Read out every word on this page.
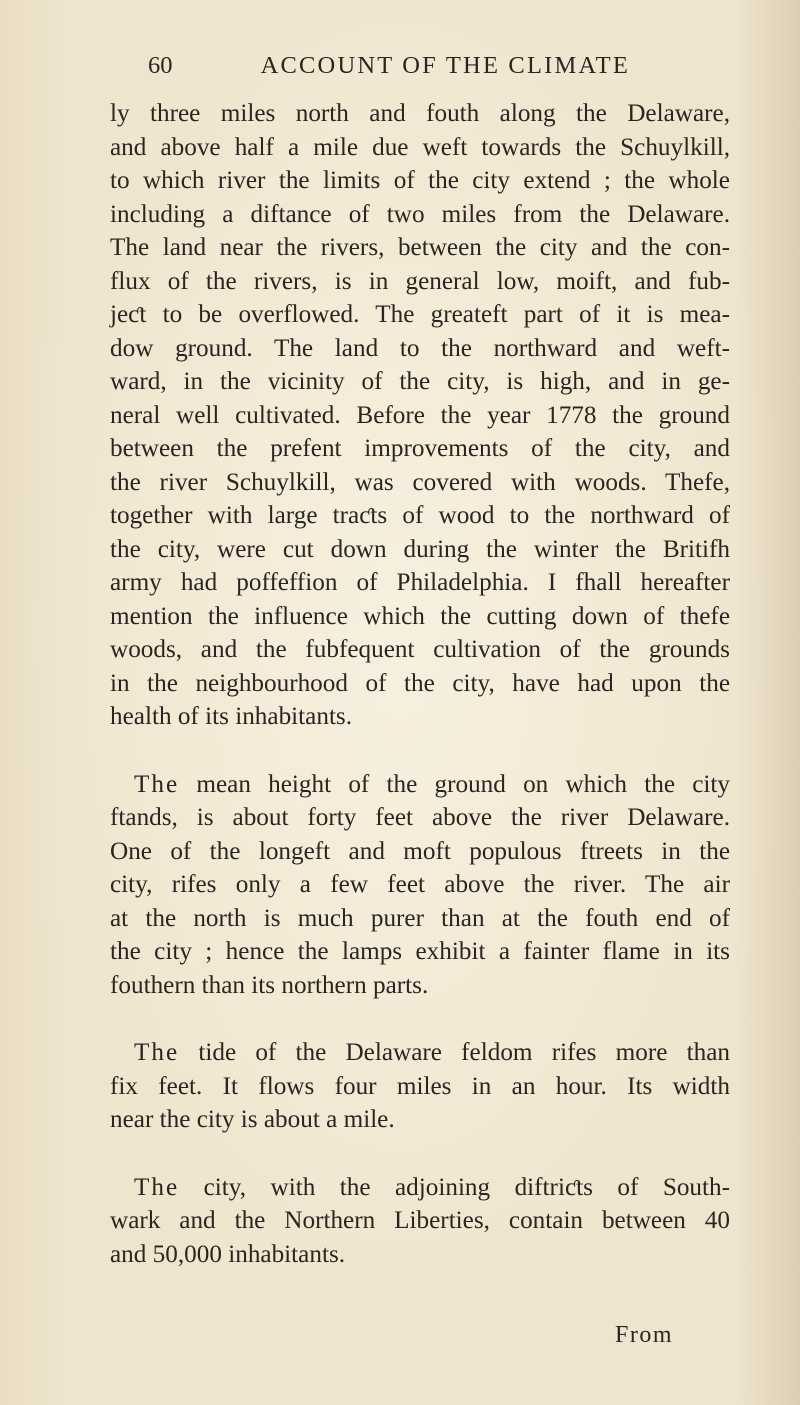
60	ACCOUNT OF THE CLIMATE
ly three miles north and fouth along the Delaware,
and above half a mile due weft towards the Schuylkill,
to which river the limits of the city extend ; the whole
including a diftance of two miles from the Delaware.
The land near the rivers, between the city and the con-
flux of the rivers, is in general low, moift, and fub-
jeƈt to be overflowed. The greateft part of it is mea-
dow ground. The land to the northward and weft-
ward, in the vicinity of the city, is high, and in ge-
neral well cultivated. Before the year 1778 the ground
between the prefent improvements of the city, and
the river Schuylkill, was covered with woods. Thefe,
together with large traƈts of wood to the northward of
the city, were cut down during the winter the Britifh
army had poffeffion of Philadelphia. I fhall hereafter
mention the influence which the cutting down of thefe
woods, and the fubfequent cultivation of the grounds
in the neighbourhood of the city, have had upon the
health of its inhabitants.
The mean height of the ground on which the city
ftands, is about forty feet above the river Delaware.
One of the longeft and moft populous ftreets in the
city, rifes only a few feet above the river. The air
at the north is much purer than at the fouth end of
the city ; hence the lamps exhibit a fainter flame in its
fouthern than its northern parts.
The tide of the Delaware feldom rifes more than
fix feet. It flows four miles in an hour. Its width
near the city is about a mile.
The city, with the adjoining diftriƈts of South-
wark and the Northern Liberties, contain between 40
and 50,000 inhabitants.
From
